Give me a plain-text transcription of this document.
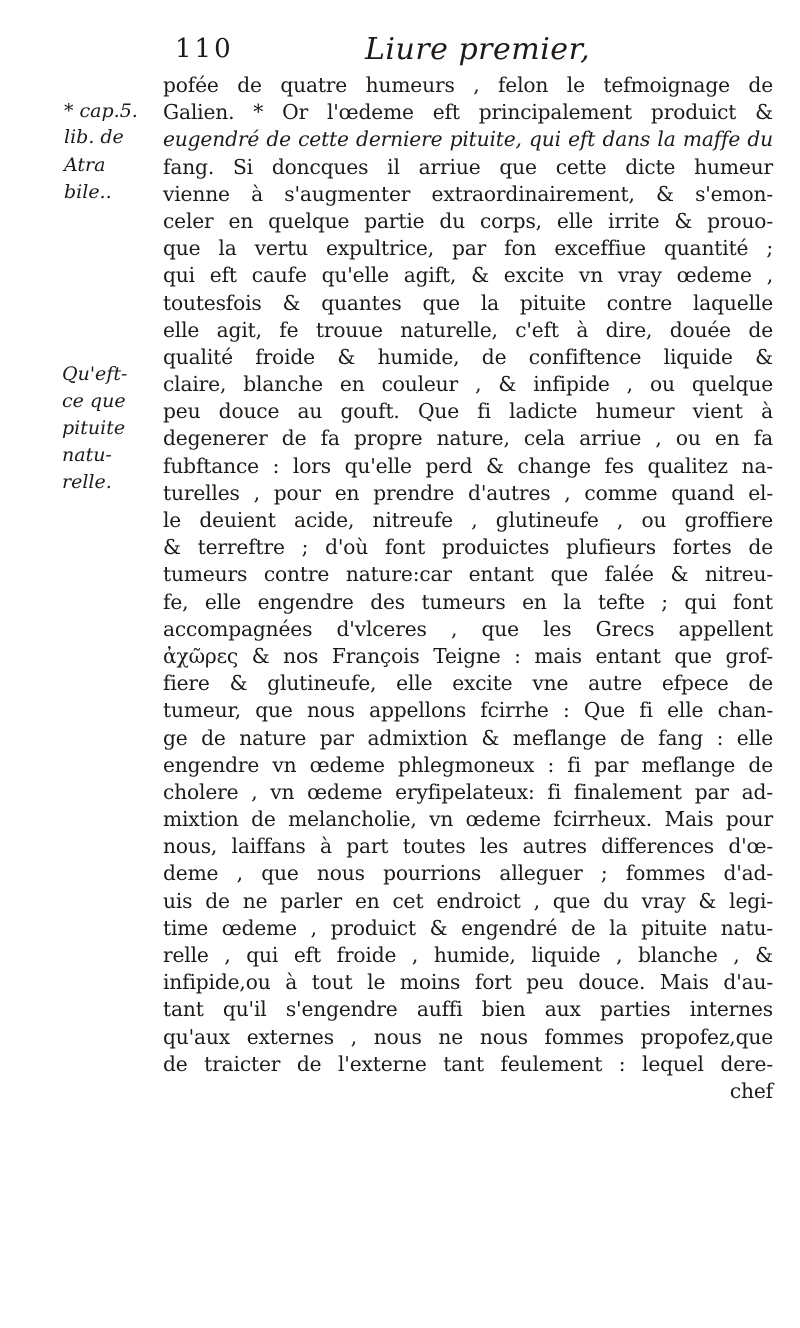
110	Liure premier,
* cap.5.
lib. de
Atra
bile..
Qu'eft-
ce que
pituite
natu-
relle.
pofée de quatre humeurs , felon le tefmoignage de
Galien. * Or l'œdeme eft principalement produict &
eugendré de cette derniere pituite, qui eft dans la maffe du
fang. Si doncques il arriue que cette dicte humeur
vienne à s'augmenter extraordinairement, & s'emon-
celer en quelque partie du corps, elle irrite & prouo-
que la vertu expultrice, par fon exceffiue quantité ;
qui eft caufe qu'elle agift, & excite vn vray œdeme ,
toutesfois & quantes que la pituite contre laquelle
elle agit, fe trouue naturelle, c'eft à dire, douée de
qualité froide & humide, de confiftence liquide &
claire, blanche en couleur , & infipide , ou quelque
peu douce au gouft. Que fi ladicte humeur vient à
degenerer de fa propre nature, cela arriue , ou en fa
fubftance : lors qu'elle perd & change fes qualitez na-
turelles , pour en prendre d'autres , comme quand el-
le deuient acide, nitreufe , glutineufe , ou groffiere
& terreftre ; d'où font produictes plufieurs fortes de
tumeurs contre nature:car entant que falée & nitreu-
fe, elle engendre des tumeurs en la tefte ; qui font
accompagnées d'vlceres , que les Grecs appellent
ἀχῶρες & nos François Teigne : mais entant que grof-
fiere & glutineufe, elle excite vne autre efpece de
tumeur, que nous appellons fcirrhe : Que fi elle chan-
ge de nature par admixtion & meflange de fang : elle
engendre vn œdeme phlegmoneux : fi par meflange de
cholere , vn œdeme eryfipelateux: fi finalement par ad-
mixtion de melancholie, vn œdeme fcirrheux. Mais pour
nous, laiffans à part toutes les autres differences d'œ-
deme , que nous pourrions alleguer ; fommes d'ad-
uis de ne parler en cet endroict , que du vray & legi-
time œdeme , produict & engendré de la pituite natu-
relle , qui eft froide , humide, liquide , blanche , &
infipide,ou à tout le moins fort peu douce. Mais d'au-
tant qu'il s'engendre auffi bien aux parties internes
qu'aux externes , nous ne nous fommes propofez,que
de traicter de l'externe tant feulement : lequel dere-
chef
